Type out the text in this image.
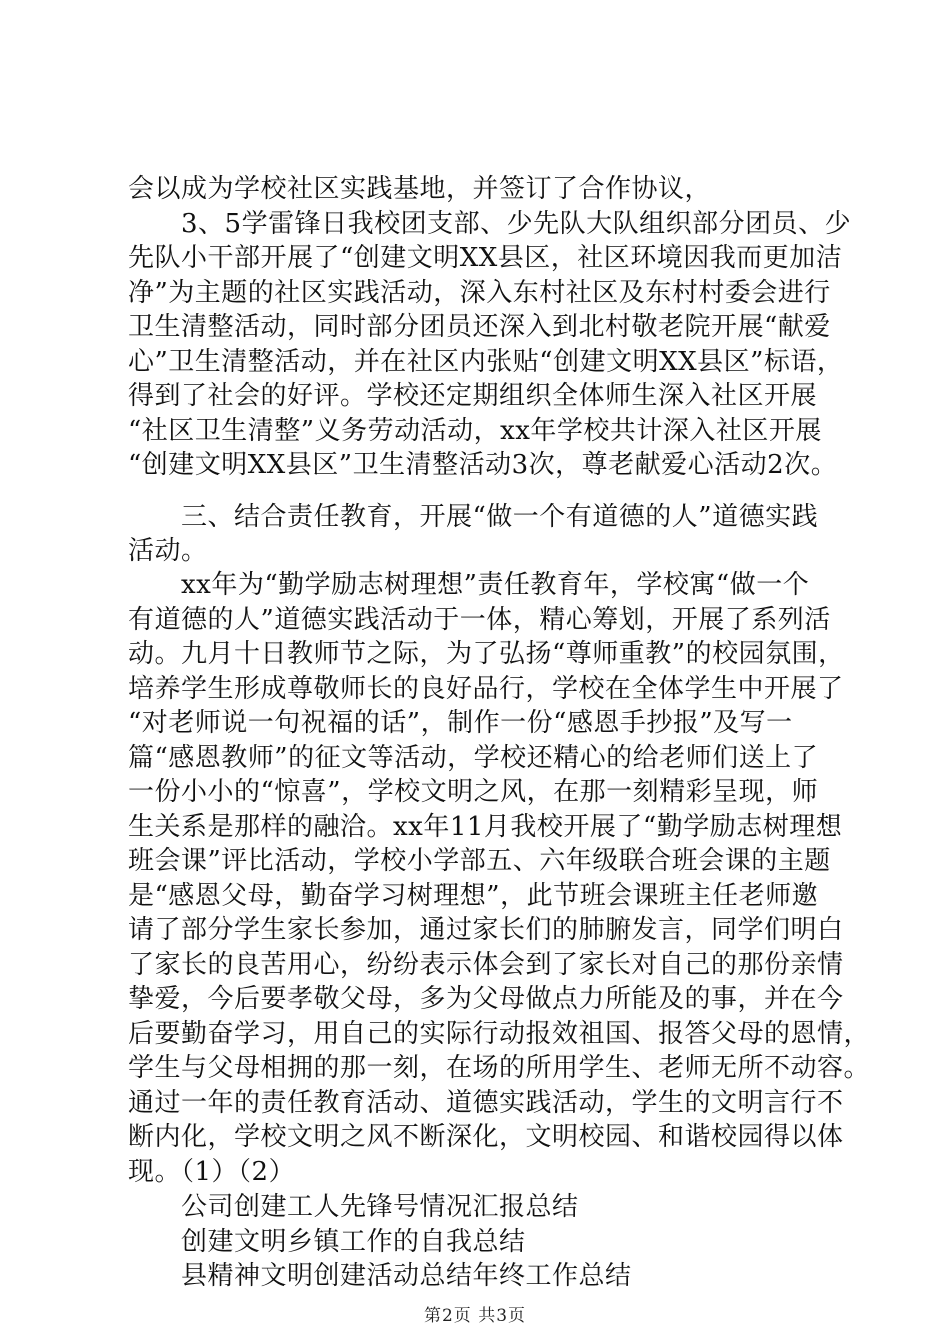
会以成为学校社区实践基地，并签订了合作协议，
　　3、5学雷锋日我校团支部、少先队大队组织部分团员、少
先队小干部开展了“创建文明XX县区，社区环境因我而更加洁
净”为主题的社区实践活动，深入东村社区及东村村委会进行
卫生清整活动，同时部分团员还深入到北村敬老院开展“献爱
心”卫生清整活动，并在社区内张贴“创建文明XX县区”标语，
得到了社会的好评。学校还定期组织全体师生深入社区开展
“社区卫生清整”义务劳动活动，xx年学校共计深入社区开展
“创建文明XX县区”卫生清整活动3次，尊老献爱心活动2次。
　　三、结合责任教育，开展“做一个有道德的人”道德实践
活动。
　　xx年为“勤学励志树理想”责任教育年，学校寓“做一个
有道德的人”道德实践活动于一体，精心筹划，开展了系列活
动。九月十日教师节之际，为了弘扬“尊师重教”的校园氛围，
培养学生形成尊敬师长的良好品行，学校在全体学生中开展了
“对老师说一句祝福的话”，制作一份“感恩手抄报”及写一
篇“感恩教师”的征文等活动，学校还精心的给老师们送上了
一份小小的“惊喜”，学校文明之风，在那一刻精彩呈现，师
生关系是那样的融洽。xx年11月我校开展了“勤学励志树理想
班会课”评比活动，学校小学部五、六年级联合班会课的主题
是“感恩父母，勤奋学习树理想”，此节班会课班主任老师邀
请了部分学生家长参加，通过家长们的肺腑发言，同学们明白
了家长的良苦用心，纷纷表示体会到了家长对自己的那份亲情
挚爱，今后要孝敬父母，多为父母做点力所能及的事，并在今
后要勤奋学习，用自己的实际行动报效祖国、报答父母的恩情，
学生与父母相拥的那一刻，在场的所用学生、老师无所不动容。
通过一年的责任教育活动、道德实践活动，学生的文明言行不
断内化，学校文明之风不断深化，文明校园、和谐校园得以体
现。（1）（2）
　　公司创建工人先锋号情况汇报总结
　　创建文明乡镇工作的自我总结
　　县精神文明创建活动总结年终工作总结
第2页 共3页
